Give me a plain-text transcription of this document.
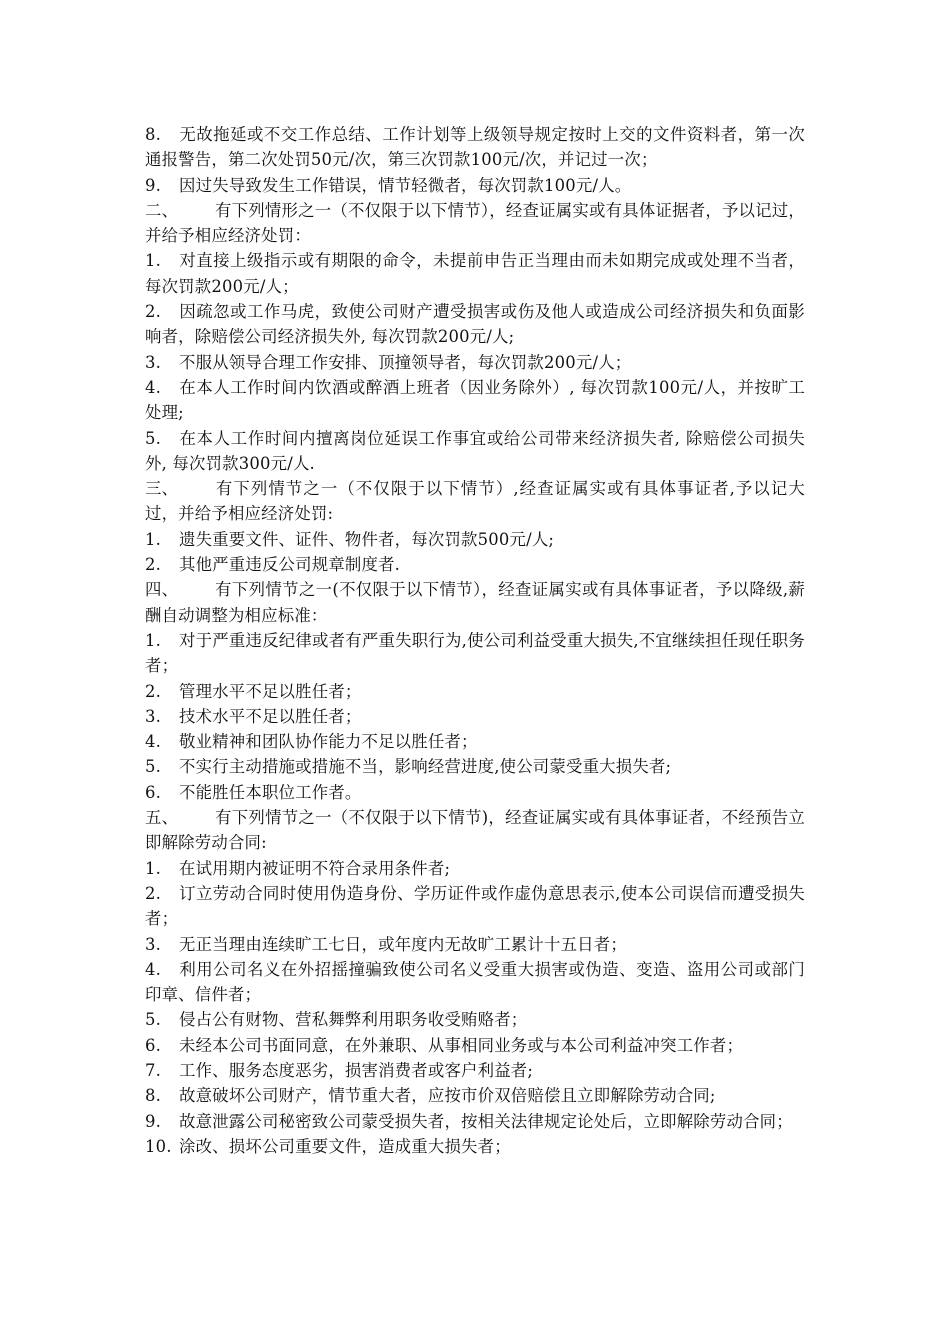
8. 无故拖延或不交工作总结、工作计划等上级领导规定按时上交的文件资料者，第一次通报警告，第二次处罚50元/次，第三次罚款100元/次，并记过一次；

9. 因过失导致发生工作错误，情节轻微者，每次罚款100元/人。

二、 有下列情形之一（不仅限于以下情节），经查证属实或有具体证据者，予以记过，并给予相应经济处罚：

1. 对直接上级指示或有期限的命令，未提前申告正当理由而未如期完成或处理不当者，每次罚款200元/人；

2. 因疏忽或工作马虎，致使公司财产遭受损害或伤及他人或造成公司经济损失和负面影响者，除赔偿公司经济损失外, 每次罚款200元/人;

3. 不服从领导合理工作安排、顶撞领导者，每次罚款200元/人；

4. 在本人工作时间内饮酒或醉酒上班者（因业务除外）, 每次罚款100元/人，并按旷工处理;

5. 在本人工作时间内擅离岗位延误工作事宜或给公司带来经济损失者, 除赔偿公司损失外, 每次罚款300元/人.

三、 有下列情节之一（不仅限于以下情节）,经查证属实或有具体事证者,予以记大过，并给予相应经济处罚:

1. 遗失重要文件、证件、物件者，每次罚款500元/人;

2. 其他严重违反公司规章制度者.

四、 有下列情节之一(不仅限于以下情节），经查证属实或有具体事证者，予以降级,薪酬自动调整为相应标准：

1. 对于严重违反纪律或者有严重失职行为,使公司利益受重大损失,不宜继续担任现任职务者；

2. 管理水平不足以胜任者；

3. 技术水平不足以胜任者；

4. 敬业精神和团队协作能力不足以胜任者；

5. 不实行主动措施或措施不当，影响经营进度,使公司蒙受重大损失者;

6. 不能胜任本职位工作者。

五、 有下列情节之一（不仅限于以下情节)，经查证属实或有具体事证者，不经预告立即解除劳动合同:

1. 在试用期内被证明不符合录用条件者;

2. 订立劳动合同时使用伪造身份、学历证件或作虚伪意思表示,使本公司误信而遭受损失者；

3. 无正当理由连续旷工七日，或年度内无故旷工累计十五日者；

4. 利用公司名义在外招摇撞骗致使公司名义受重大损害或伪造、变造、盗用公司或部门印章、信件者；

5. 侵占公有财物、营私舞弊利用职务收受贿赂者；

6. 未经本公司书面同意，在外兼职、从事相同业务或与本公司利益冲突工作者；

7. 工作、服务态度恶劣，损害消费者或客户利益者;

8. 故意破坏公司财产，情节重大者，应按市价双倍赔偿且立即解除劳动合同;

9. 故意泄露公司秘密致公司蒙受损失者，按相关法律规定论处后，立即解除劳动合同；

10. 涂改、损坏公司重要文件，造成重大损失者；
